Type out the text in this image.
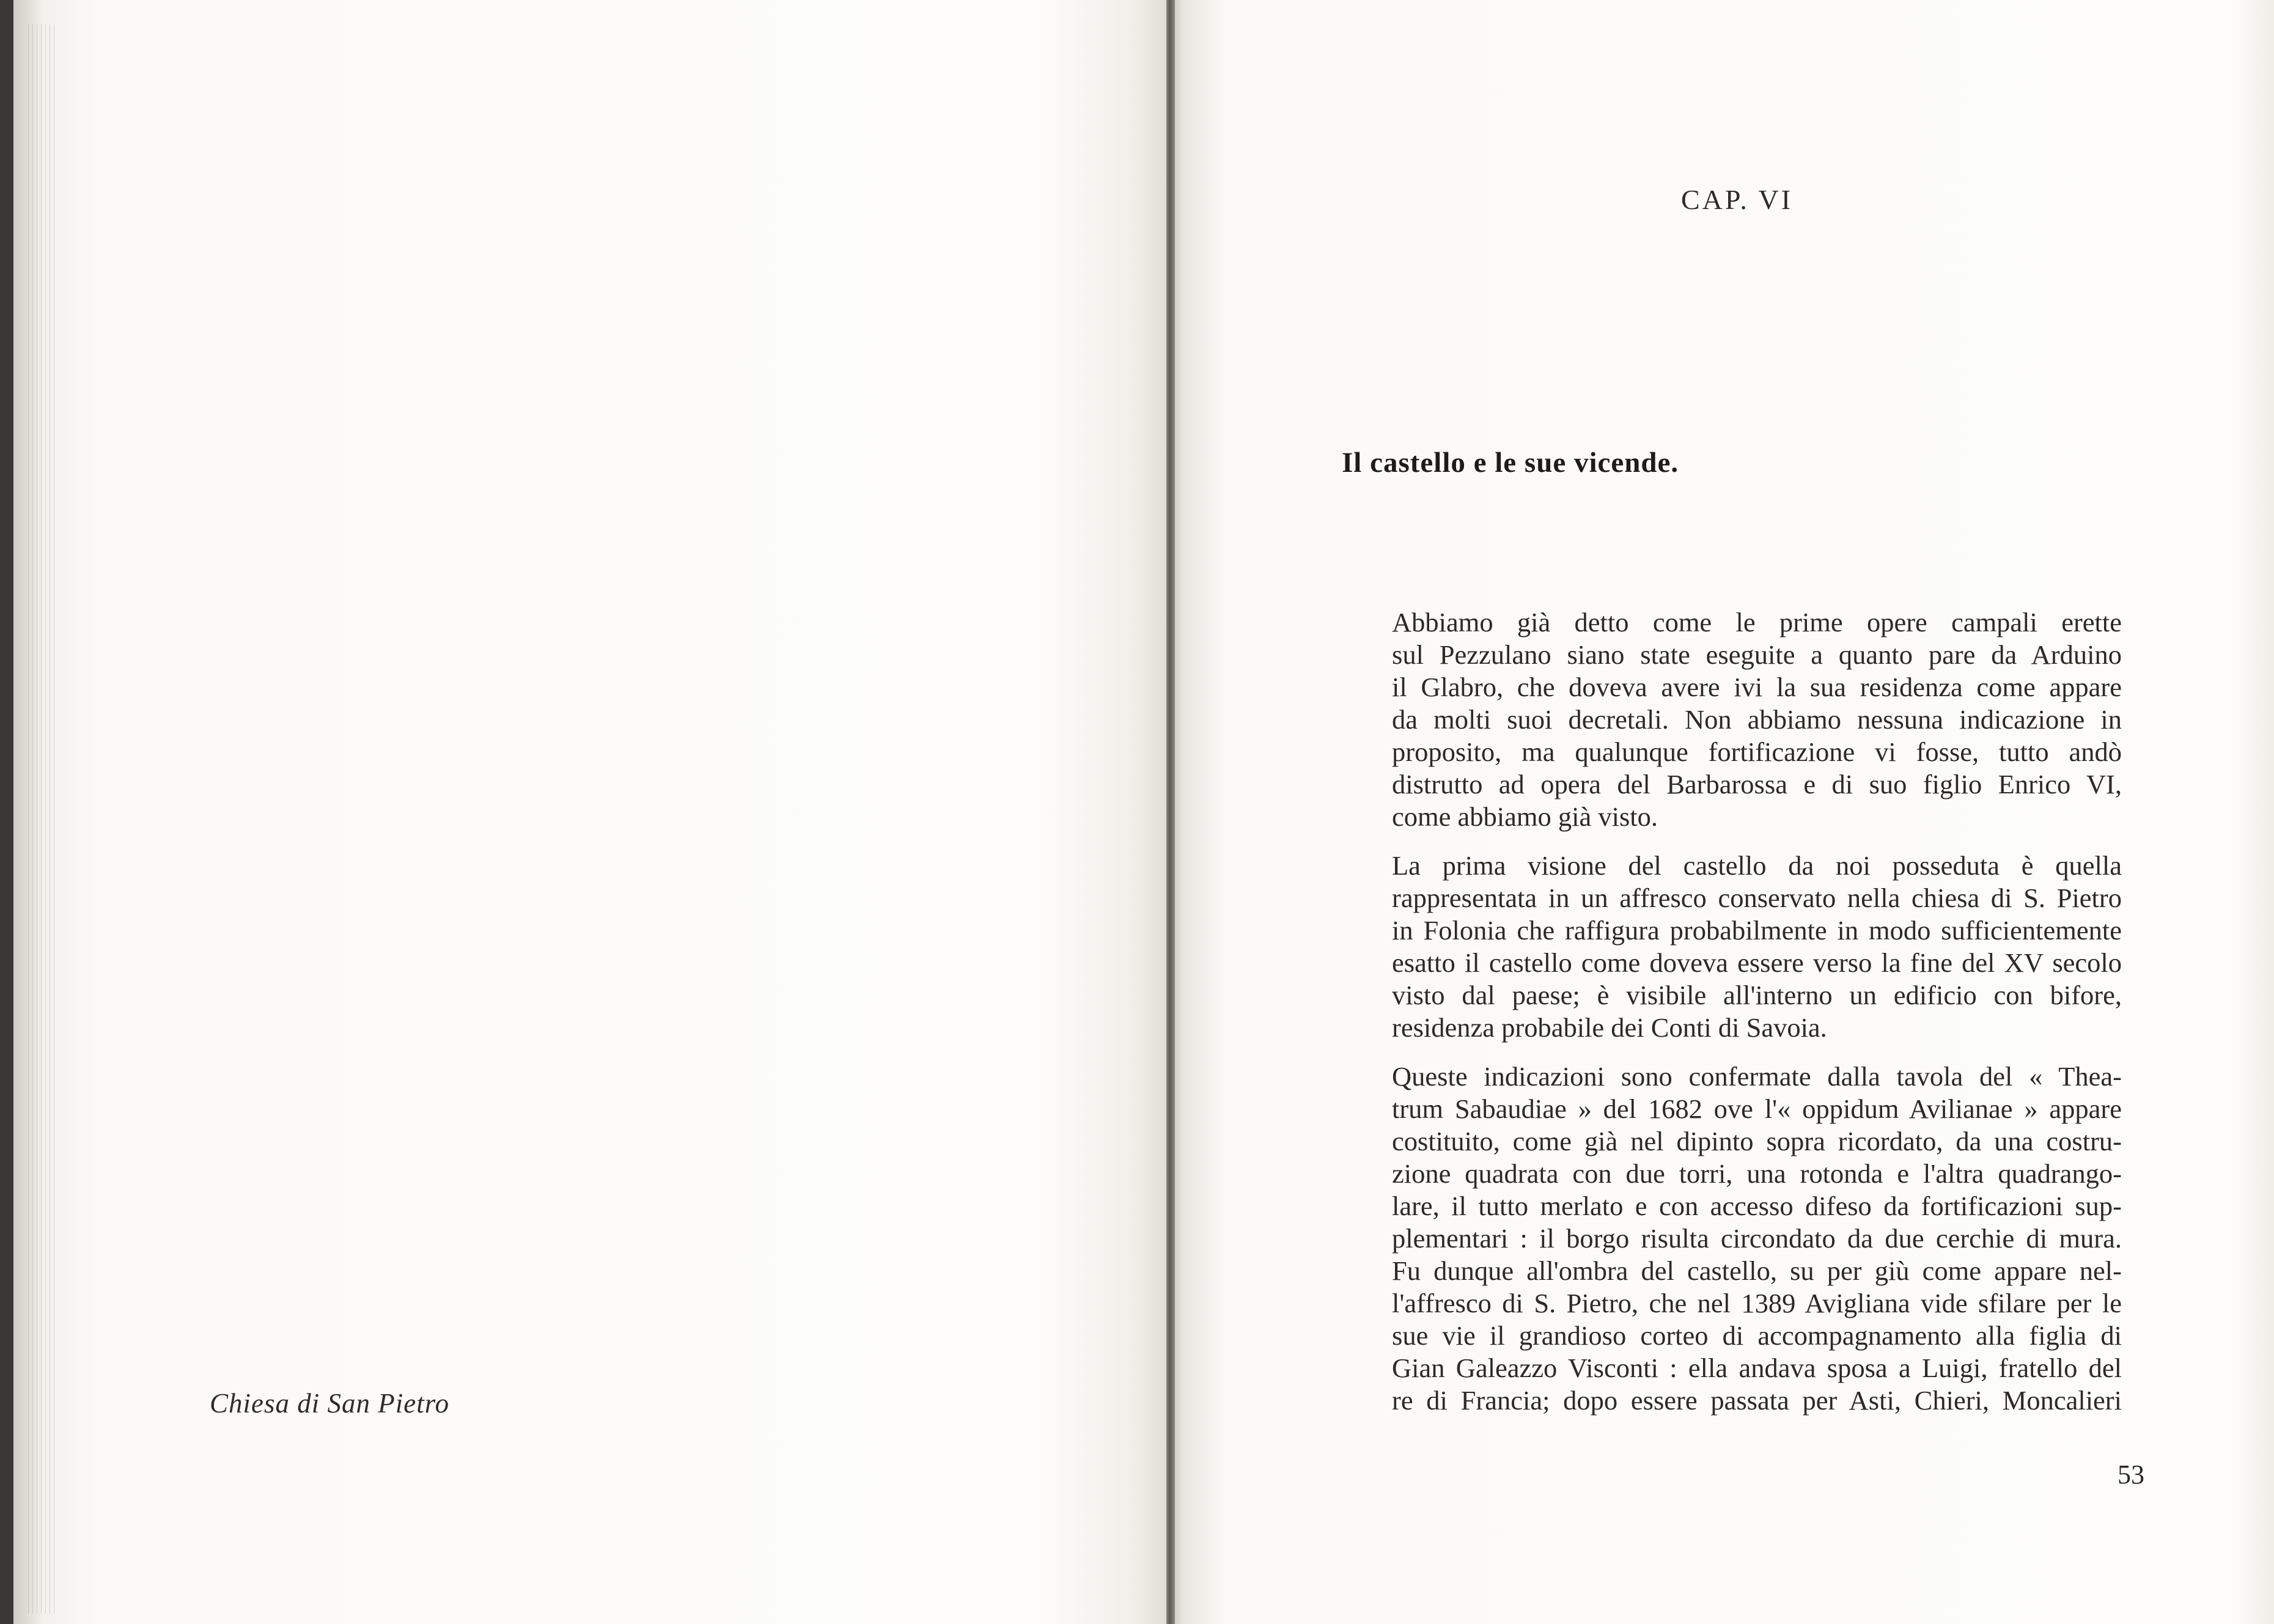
Chiesa di San Pietro
CAP. VI
Il castello e le sue vicende.

Abbiamo già detto come le prime opere campali erette
sul Pezzulano siano state eseguite a quanto pare da Arduino
il Glabro, che doveva avere ivi la sua residenza come appare
da molti suoi decretali. Non abbiamo nessuna indicazione in
proposito, ma qualunque fortificazione vi fosse, tutto andò
distrutto ad opera del Barbarossa e di suo figlio Enrico VI,
come abbiamo già visto.

La prima visione del castello da noi posseduta è quella
rappresentata in un affresco conservato nella chiesa di S. Pietro
in Folonia che raffigura probabilmente in modo sufficientemente
esatto il castello come doveva essere verso la fine del XV secolo
visto dal paese; è visibile all'interno un edificio con bifore,
residenza probabile dei Conti di Savoia.

Queste indicazioni sono confermate dalla tavola del « Thea-
trum Sabaudiae » del 1682 ove l'« oppidum Avilianae » appare
costituito, come già nel dipinto sopra ricordato, da una costru-
zione quadrata con due torri, una rotonda e l'altra quadrango-
lare, il tutto merlato e con accesso difeso da fortificazioni sup-
plementari : il borgo risulta circondato da due cerchie di mura.
Fu dunque all'ombra del castello, su per giù come appare nel-
l'affresco di S. Pietro, che nel 1389 Avigliana vide sfilare per le
sue vie il grandioso corteo di accompagnamento alla figlia di
Gian Galeazzo Visconti : ella andava sposa a Luigi, fratello del
re di Francia; dopo essere passata per Asti, Chieri, Moncalieri

53
